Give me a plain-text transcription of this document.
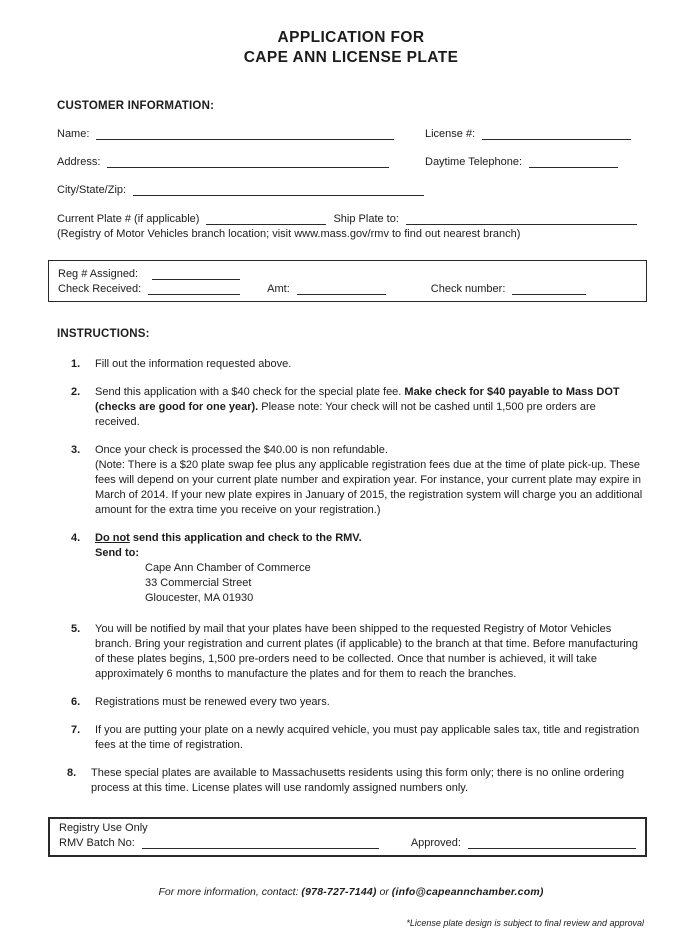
APPLICATION FOR
CAPE ANN LICENSE PLATE
CUSTOMER INFORMATION:
Name:	License #:
Address:	Daytime Telephone:
City/State/Zip:
Current Plate # (if applicable)	Ship Plate to:
(Registry of Motor Vehicles branch location; visit www.mass.gov/rmv to find out nearest branch)
Reg # Assigned:
Check Received:	Amt:	Check number:
INSTRUCTIONS:
1.	Fill out the information requested above.
2.	Send this application with a $40 check for the special plate fee. Make check for $40 payable to Mass DOT (checks are good for one year). Please note: Your check will not be cashed until 1,500 pre orders are received.
3.	Once your check is processed the $40.00 is non refundable.
(Note: There is a $20 plate swap fee plus any applicable registration fees due at the time of plate pick-up. These fees will depend on your current plate number and expiration year. For instance, your current plate may expire in March of 2014. If your new plate expires in January of 2015, the registration system will charge you an additional amount for the extra time you receive on your registration.)
4.	Do not send this application and check to the RMV.
Send to:
Cape Ann Chamber of Commerce
33 Commercial Street
Gloucester, MA 01930
5.	You will be notified by mail that your plates have been shipped to the requested Registry of Motor Vehicles branch. Bring your registration and current plates (if applicable) to the branch at that time. Before manufacturing of these plates begins, 1,500 pre-orders need to be collected. Once that number is achieved, it will take approximately 6 months to manufacture the plates and for them to reach the branches.
6.	Registrations must be renewed every two years.
7.	If you are putting your plate on a newly acquired vehicle, you must pay applicable sales tax, title and registration fees at the time of registration.
8.	These special plates are available to Massachusetts residents using this form only; there is no online ordering process at this time. License plates will use randomly assigned numbers only.
Registry Use Only
RMV Batch No:	Approved:
For more information, contact: (978-727-7144) or (info@capeannchamber.com)
*License plate design is subject to final review and approval
